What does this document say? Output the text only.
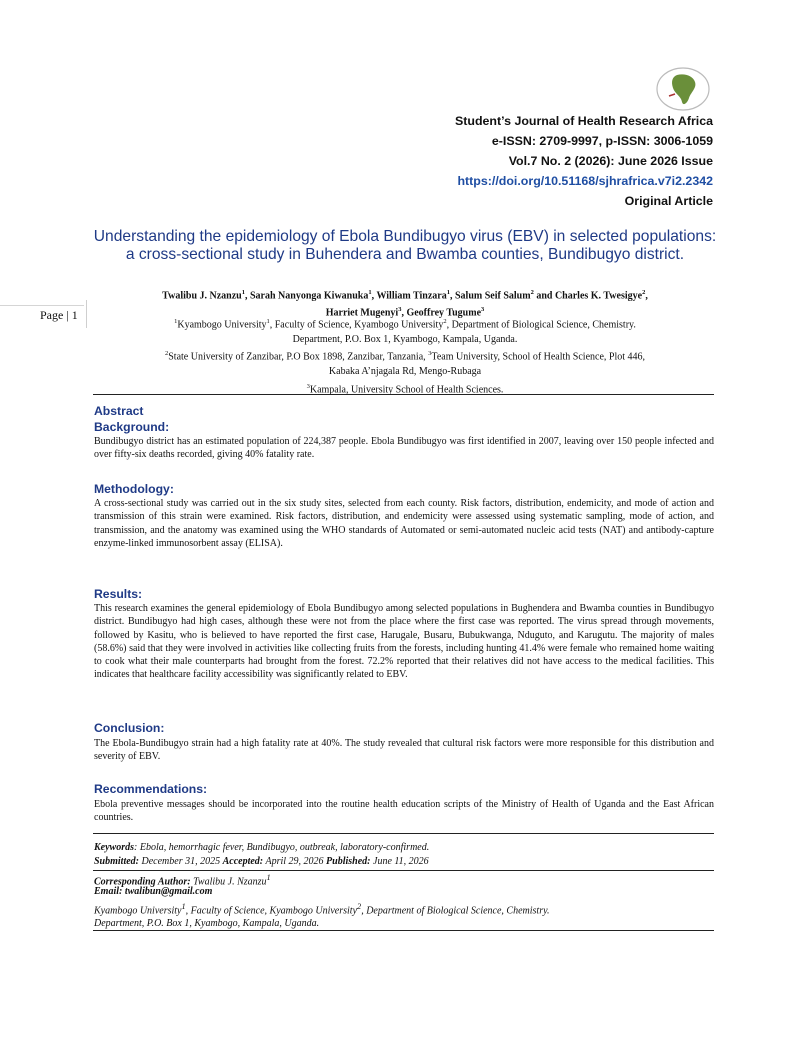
Student’s Journal of Health Research Africa
e-ISSN: 2709-9997, p-ISSN: 3006-1059
Vol.7 No. 2 (2026): June 2026 Issue
https://doi.org/10.51168/sjhrafrica.v7i2.2342
Original Article
Page | 1
Understanding the epidemiology of Ebola Bundibugyo virus (EBV) in selected populations: a cross-sectional study in Buhendera and Bwamba counties, Bundibugyo district.
Twalibu J. Nzanzu$^1$, Sarah Nanyonga Kiwanuka$^1$, William Tinzara$^1$, Salum Seif Salum$^2$ and Charles K. Twesigye$^2$,
Harriet Mugenyi$^3$, Geoffrey Tugume$^3$
$^1$Kyambogo University$^1$, Faculty of Science, Kyambogo University$^2$, Department of Biological Science, Chemistry.
Department, P.O. Box 1, Kyambogo, Kampala, Uganda.
$^2$State University of Zanzibar, P.O Box 1898, Zanzibar, Tanzania, $^3$Team University, School of Health Science, Plot 446,
Kabaka A’njagala Rd, Mengo-Rubaga
$^3$Kampala, University School of Health Sciences.
Abstract
Background:
Bundibugyo district has an estimated population of 224,387 people. Ebola Bundibugyo was first identified in 2007, leaving over 150 people infected and over fifty-six deaths recorded, giving 40% fatality rate.
Methodology:
A cross-sectional study was carried out in the six study sites, selected from each county. Risk factors, distribution, endemicity, and mode of action and transmission of this strain were examined. Risk factors, distribution, and endemicity were assessed using systematic sampling, mode of action, and transmission, and the anatomy was examined using the WHO standards of Automated or semi-automated nucleic acid tests (NAT) and antibody-capture enzyme-linked immunosorbent assay (ELISA).
Results:
This research examines the general epidemiology of Ebola Bundibugyo among selected populations in Bughendera and Bwamba counties in Bundibugyo district. Bundibugyo had high cases, although these were not from the place where the first case was reported. The virus spread through movements, followed by Kasitu, who is believed to have reported the first case, Harugale, Busaru, Bubukwanga, Nduguto, and Karugutu. The majority of males (58.6%) said that they were involved in activities like collecting fruits from the forests, including hunting 41.4% were female who remained home waiting to cook what their male counterparts had brought from the forest. 72.2% reported that their relatives did not have access to the medical facilities. This indicates that healthcare facility accessibility was significantly related to EBV.
Conclusion:
The Ebola-Bundibugyo strain had a high fatality rate at 40%. The study revealed that cultural risk factors were more responsible for this distribution and severity of EBV.
Recommendations:
Ebola preventive messages should be incorporated into the routine health education scripts of the Ministry of Health of Uganda and the East African countries.
Keywords: Ebola, hemorrhagic fever, Bundibugyo, outbreak, laboratory-confirmed.
Submitted: December 31, 2025 Accepted: April 29, 2026 Published: June 11, 2026
Corresponding Author: Twalibu J. Nzanzu$^1$
Email: twalibun@gmail.com
Kyambogo University$^1$, Faculty of Science, Kyambogo University$^2$, Department of Biological Science, Chemistry.
Department, P.O. Box 1, Kyambogo, Kampala, Uganda.
